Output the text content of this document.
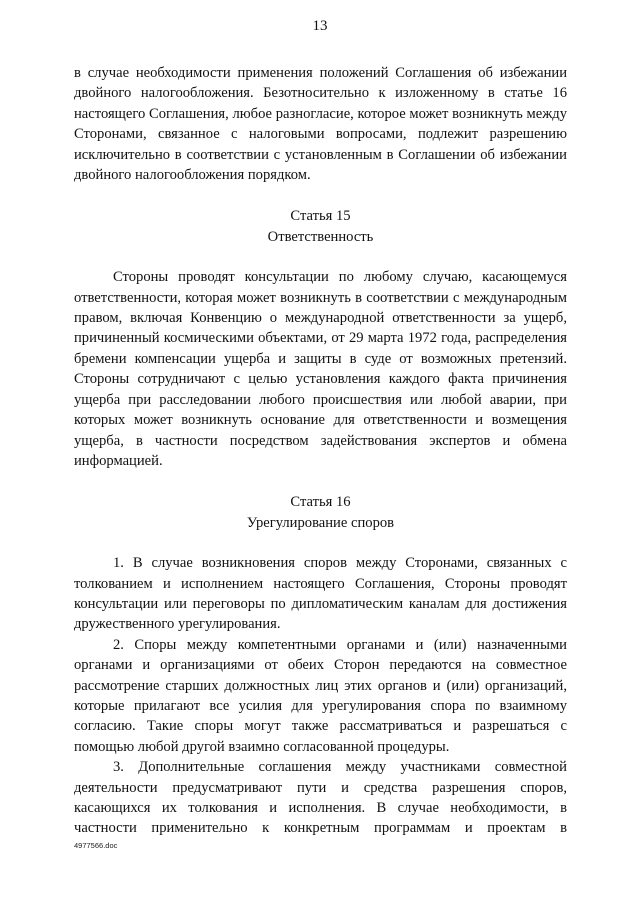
13

в случае необходимости применения положений Соглашения об избежании двойного налогообложения. Безотносительно к изложенному в статье 16 настоящего Соглашения, любое разногласие, которое может возникнуть между Сторонами, связанное с налоговыми вопросами, подлежит разрешению исключительно в соответствии с установленным в Соглашении об избежании двойного налогообложения порядком.

Статья 15

Ответственность

Стороны проводят консультации по любому случаю, касающемуся ответственности, которая может возникнуть в соответствии с международным правом, включая Конвенцию о международной ответственности за ущерб, причиненный космическими объектами, от 29 марта 1972 года, распределения бремени компенсации ущерба и защиты в суде от возможных претензий. Стороны сотрудничают с целью установления каждого факта причинения ущерба при расследовании любого происшествия или любой аварии, при которых может возникнуть основание для ответственности и возмещения ущерба, в частности посредством задействования экспертов и обмена информацией.

Статья 16

Урегулирование споров

1. В случае возникновения споров между Сторонами, связанных с толкованием и исполнением настоящего Соглашения, Стороны проводят консультации или переговоры по дипломатическим каналам для достижения дружественного урегулирования.

2. Споры между компетентными органами и (или) назначенными органами и организациями от обеих Сторон передаются на совместное рассмотрение старших должностных лиц этих органов и (или) организаций, которые прилагают все усилия для урегулирования спора по взаимному согласию. Такие споры могут также рассматриваться и разрешаться с помощью любой другой взаимно согласованной процедуры.

3. Дополнительные соглашения между участниками совместной деятельности предусматривают пути и средства разрешения споров, касающихся их толкования и исполнения. В случае необходимости, в частности применительно к конкретным программам и проектам в

4977566.doc
